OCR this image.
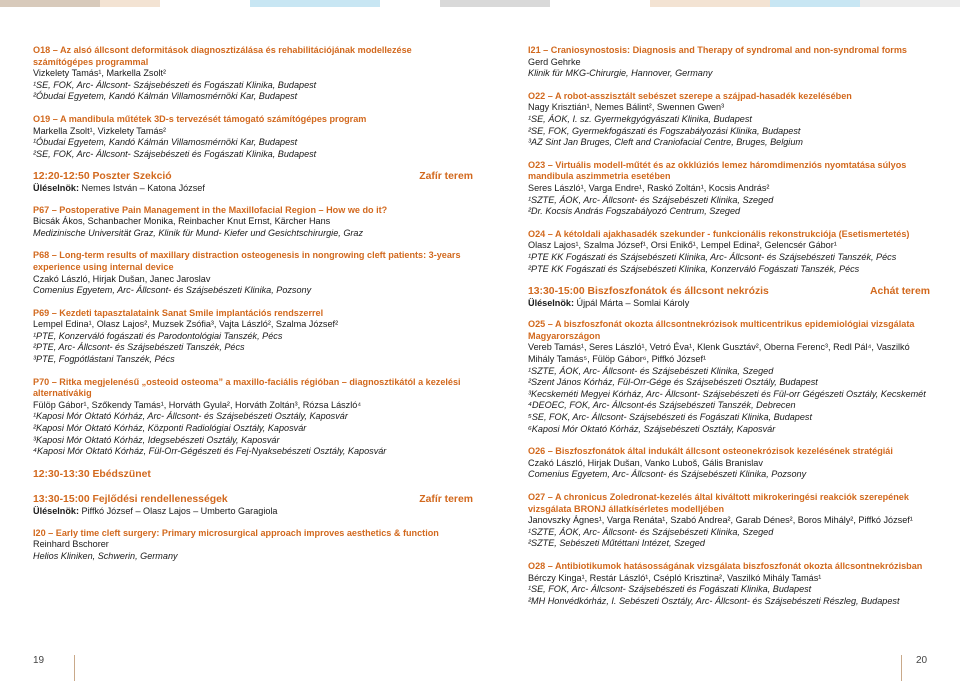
O18 – Az alsó állcsont deformitások diagnosztizálása és rehabilitációjának modellezése számítógépes programmal
Vizkelety Tamás¹, Markella Zsolt²
¹SE, FOK, Arc- Állcsont- Szájsebészeti és Fogászati Klinika, Budapest
²Óbudai Egyetem, Kandó Kálmán Villamosmérnöki Kar, Budapest
O19 – A mandibula műtétek 3D-s tervezését támogató számítógépes program
Markella Zsolt¹, Vizkelety Tamás²
¹Óbudai Egyetem, Kandó Kálmán Villamosmérnöki Kar, Budapest
²SE, FOK, Arc- Állcsont- Szájsebészeti és Fogászati Klinika, Budapest
12:20-12:50 Poszter Szekció	Zafír terem
Üléselnök: Nemes István – Katona József
P67 – Postoperative Pain Management in the Maxillofacial Region – How we do it?
Bicsák Ákos, Schanbacher Monika, Reinbacher Knut Ernst, Kärcher Hans
Medizinische Universität Graz, Klinik für Mund- Kiefer und Gesichtschirurgie, Graz
P68 – Long-term results of maxillary distraction osteogenesis in nongrowing cleft patients: 3-years experience using internal device
Czakó László, Hirjak Dušan, Janec Jaroslav
Comenius Egyetem, Arc- Állcsont- és Szájsebészeti Klinika, Pozsony
P69 – Kezdeti tapasztalataink Sanat Smile implantációs rendszerrel
Lempel Edina¹, Olasz Lajos², Muzsek Zsófia³, Vajta László², Szalma József²
¹PTE, Konzerváló fogászati és Parodontológiai Tanszék, Pécs
²PTE, Arc- Állcsont- és Szájsebészeti Tanszék, Pécs
³PTE, Fogpótlástani Tanszék, Pécs
P70 – Ritka megjelenésű „osteoid osteoma” a maxillo-faciális régióban – diagnosztikától a kezelési alternatívákig
Fülöp Gábor¹, Szőkendy Tamás¹, Horváth Gyula², Horváth Zoltán³, Rózsa László⁴
¹Kaposi Mór Oktató Kórház, Arc- Állcsont- és Szájsebészeti Osztály, Kaposvár
²Kaposi Mór Oktató Kórház, Központi Radiológiai Osztály, Kaposvár
³Kaposi Mór Oktató Kórház, Idegsebészeti Osztály, Kaposvár
⁴Kaposi Mór Oktató Kórház, Fül-Orr-Gégészeti és Fej-Nyaksebészeti Osztály, Kaposvár
12:30-13:30 Ebédszünet
13:30-15:00 Fejlődési rendellenességek	Zafír terem
Üléselnök: Piffkó József – Olasz Lajos – Umberto Garagiola
I20 – Early time cleft surgery: Primary microsurgical approach improves aesthetics & function
Reinhard Bschorer
Helios Kliniken, Schwerin, Germany
I21 – Craniosynostosis: Diagnosis and Therapy of syndromal and non-syndromal forms
Gerd Gehrke
Klinik für MKG-Chirurgie, Hannover, Germany
O22 – A robot-asszisztált sebészet szerepe a szájpad-hasadék kezelésében
Nagy Krisztián¹, Nemes Bálint², Swennen Gwen³
¹SE, ÁOK, I. sz. Gyermekgyógyászati Klinika, Budapest
²SE, FOK, Gyermekfogászati és Fogszabályozási Klinika, Budapest
³AZ Sint Jan Bruges, Cleft and Craniofacial Centre, Bruges, Belgium
O23 – Virtuális modell-műtét és az okklúziós lemez háromdimenziós nyomtatása súlyos mandibula aszimmetria esetében
Seres László¹, Varga Endre¹, Raskó Zoltán¹, Kocsis András²
¹SZTE, ÁOK, Arc- Állcsont- és Szájsebészeti Klinika, Szeged
²Dr. Kocsis András Fogszabályozó Centrum, Szeged
O24 – A kétoldali ajakhasadék szekunder - funkcionális rekonstrukciója (Esetismertetés)
Olasz Lajos¹, Szalma József¹, Orsi Enikő¹, Lempel Edina², Gelencsér Gábor¹
¹PTE KK Fogászati és Szájsebészeti Klinika, Arc- Állcsont- és Szájsebészeti Tanszék, Pécs
²PTE KK Fogászati és Szájsebészeti Klinika, Konzerváló Fogászati Tanszék, Pécs
13:30-15:00 Biszfoszfonátok és állcsont nekrózis	Achát terem
Üléselnök: Újpál Márta – Somlai Károly
O25 – A biszfoszfonát okozta állcsontnekrózisok multicentrikus epidemiológiai vizsgálata Magyarországon
Vereb Tamás¹, Seres László¹, Vetró Éva¹, Klenk Gusztáv², Oberna Ferenc³, Redl Pál⁴, Vaszilkó Mihály Tamás⁵, Fülöp Gábor⁶, Piffkó József¹
¹SZTE, ÁOK, Arc- Állcsont- és Szájsebészeti Klinika, Szeged
²Szent János Kórház, Fül-Orr-Gége és Szájsebészeti Osztály, Budapest
³Kecskeméti Megyei Kórház, Arc- Állcsont- Szájsebészeti és Fül-orr Gégészeti Osztály, Kecskemét
⁴DEOEC, FOK, Arc- Állcsont-és Szájsebészeti Tanszék, Debrecen
⁵SE, FOK, Arc- Állcsont- Szájsebészeti és Fogászati Klinika, Budapest
⁶Kaposi Mór Oktató Kórház, Szájsebészeti Osztály, Kaposvár
O26 – Biszfoszfonátok által indukált állcsont osteonekrózisok kezelésének stratégiái
Czakó László, Hirjak Dušan, Vanko Luboš, Gális Branislav
Comenius Egyetem, Arc- Állcsont- és Szájsebészeti Klinika, Pozsony
O27 – A chronicus Zoledronat-kezelés által kiváltott mikrokeringési reakciók szerepének vizsgálata BRONJ állatkísérletes modelljében
Janovszky Ágnes¹, Varga Renáta¹, Szabó Andrea², Garab Dénes², Boros Mihály², Piffkó József¹
¹SZTE, ÁOK, Arc- Állcsont- és Szájsebészeti Klinika, Szeged
²SZTE, Sebészeti Műtéttani Intézet, Szeged
O28 – Antibiotikumok hatásosságának vizsgálata biszfoszfonát okozta állcsontnekrózisban
Bérczy Kinga¹, Restár László¹, Csépló Krisztina², Vaszilkó Mihály Tamás¹
¹SE, FOK, Arc- Állcsont- Szájsebészeti és Fogászati Klinika, Budapest
²MH Honvédkórház, I. Sebészeti Osztály, Arc- Állcsont- és Szájsebészeti Részleg, Budapest
19	20
